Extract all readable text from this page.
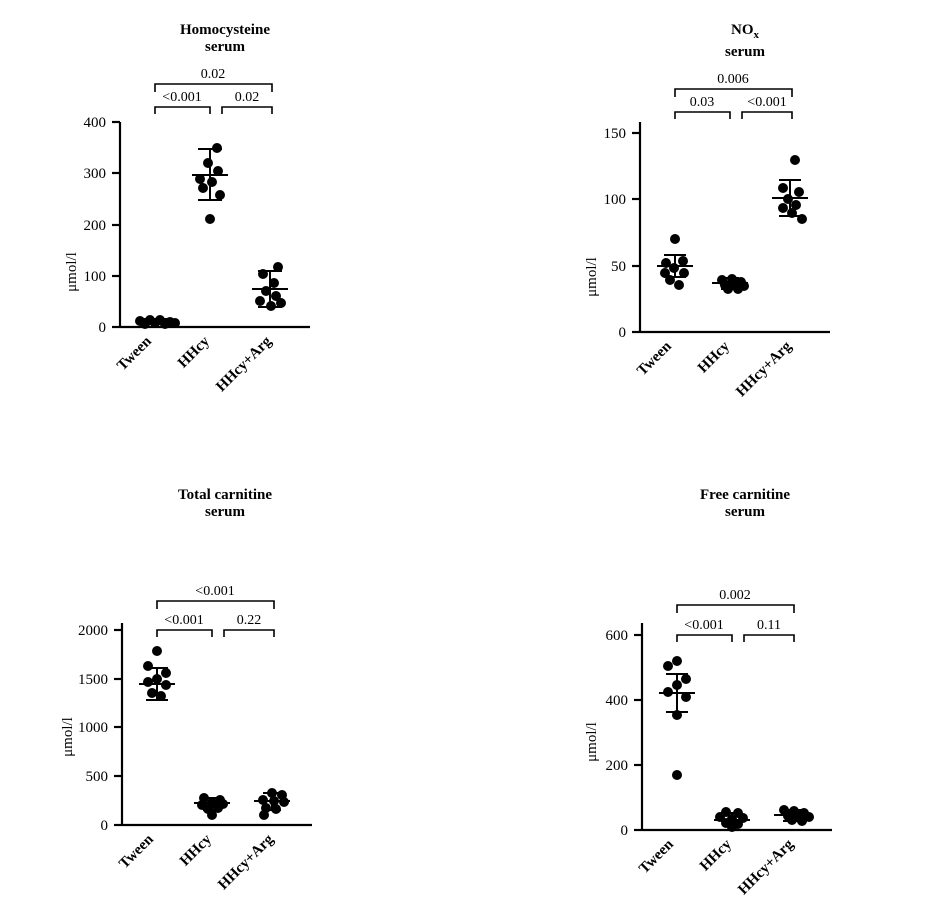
Homocysteine
serum
μmol/l
400
300
200
100
0
<0.001 0.02
0.02
Tween HHcy HHcy+Arg
$NO_x$
serum
μmol/l
150
100
50
0
0.03 <0.001
0.006
Tween HHcy HHcy+Arg
Total carnitine
serum
μmol/l
2000
1500
1000
500
0
<0.001 0.22
<0.001
Tween HHcy HHcy+Arg
Free carnitine
serum
μmol/l
600
400
200
0
<0.001 0.11
0.002
Tween HHcy HHcy+Arg
